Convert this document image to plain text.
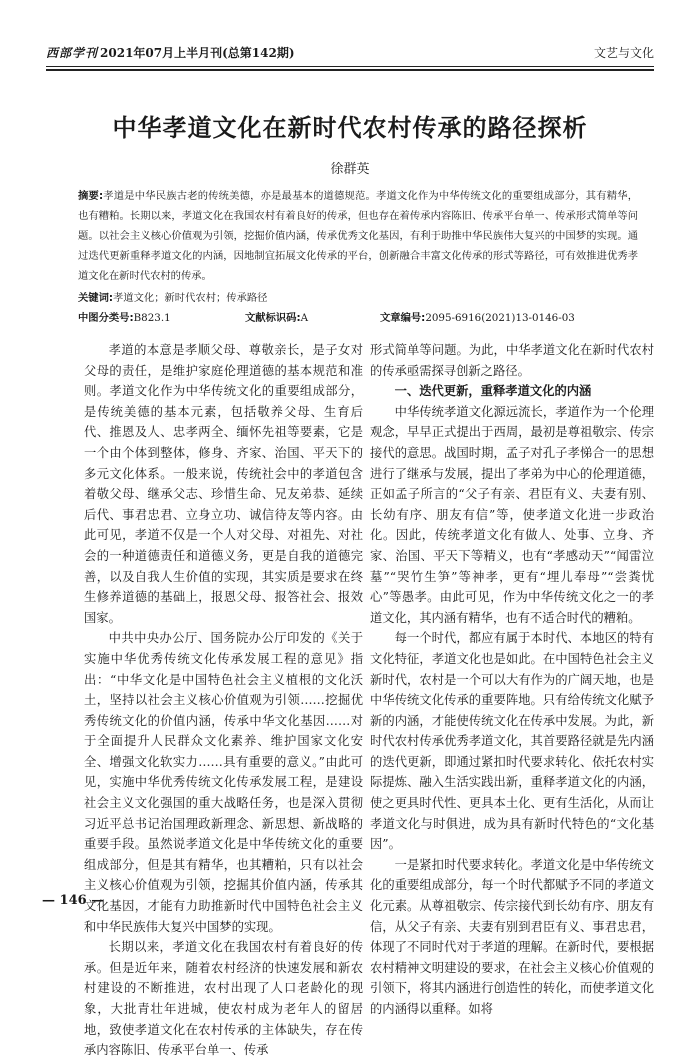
西部学刊 2021年07月上半月刊(总第142期)	文艺与文化
中华孝道文化在新时代农村传承的路径探析
徐群英
摘要:孝道是中华民族古老的传统美德，亦是最基本的道德规范。孝道文化作为中华传统文化的重要组成部分，其有精华，也有糟粕。长期以来，孝道文化在我国农村有着良好的传承，但也存在着传承内容陈旧、传承平台单一、传承形式简单等问题。以社会主义核心价值观为引领，挖掘价值内涵，传承优秀文化基因，有利于助推中华民族伟大复兴的中国梦的实现。通过迭代更新重释孝道文化的内涵，因地制宜拓展文化传承的平台，创新融合丰富文化传承的形式等路径，可有效推进优秀孝道文化在新时代农村的传承。
关键词:孝道文化；新时代农村；传承路径
中图分类号:B823.1	文献标识码:A	文章编号:2095-6916(2021)13-0146-03

孝道的本意是孝顺父母、尊敬亲长，是子女对父母的责任，是维护家庭伦理道德的基本规范和准则。孝道文化作为中华传统文化的重要组成部分，是传统美德的基本元素，包括敬养父母、生育后代、推恩及人、忠孝两全、缅怀先祖等要素，它是一个由个体到整体，修身、齐家、治国、平天下的多元文化体系。一般来说，传统社会中的孝道包含着敬父母、继承父志、珍惜生命、兄友弟恭、延续后代、事君忠君、立身立功、诚信待友等内容。由此可见，孝道不仅是一个人对父母、对祖先、对社会的一种道德责任和道德义务，更是自我的道德完善，以及自我人生价值的实现，其实质是要求在终生修养道德的基础上，报恩父母、报答社会、报效国家。

中共中央办公厅、国务院办公厅印发的《关于实施中华优秀传统文化传承发展工程的意见》指出：“中华文化是中国特色社会主义植根的文化沃土，坚持以社会主义核心价值观为引领……挖掘优秀传统文化的价值内涵，传承中华文化基因……对于全面提升人民群众文化素养、维护国家文化安全、增强文化软实力……具有重要的意义。”由此可见，实施中华优秀传统文化传承发展工程，是建设社会主义文化强国的重大战略任务，也是深入贯彻习近平总书记治国理政新理念、新思想、新战略的重要手段。虽然说孝道文化是中华传统文化的重要组成部分，但是其有精华，也其糟粕，只有以社会主义核心价值观为引领，挖掘其价值内涵，传承其文化基因，才能有力助推新时代中国特色社会主义和中华民族伟大复兴中国梦的实现。

长期以来，孝道文化在我国农村有着良好的传承。但是近年来，随着农村经济的快速发展和新农村建设的不断推进，农村出现了人口老龄化的现象，大批青壮年进城，使农村成为老年人的留居地，致使孝道文化在农村传承的主体缺失，存在传承内容陈旧、传承平台单一、传承

形式简单等问题。为此，中华孝道文化在新时代农村的传承亟需探寻创新之路径。

一、迭代更新，重释孝道文化的内涵

中华传统孝道文化源远流长，孝道作为一个伦理观念，早早正式提出于西周，最初是尊祖敬宗、传宗接代的意思。战国时期，孟子对孔子孝悌合一的思想进行了继承与发展，提出了孝弟为中心的伦理道德，正如孟子所言的“父子有亲、君臣有义、夫妻有别、长幼有序、朋友有信”等，使孝道文化进一步政治化。因此，传统孝道文化有做人、处事、立身、齐家、治国、平天下等精义，也有“孝感动天”“闻雷泣墓”“哭竹生笋”等神孝，更有“埋儿奉母”“尝粪忧心”等愚孝。由此可见，作为中华传统文化之一的孝道文化，其内涵有精华，也有不适合时代的糟粕。

每一个时代，都应有属于本时代、本地区的特有文化特征，孝道文化也是如此。在中国特色社会主义新时代，农村是一个可以大有作为的广阔天地，也是中华传统文化传承的重要阵地。只有给传统文化赋予新的内涵，才能使传统文化在传承中发展。为此，新时代农村传承优秀孝道文化，其首要路径就是先内涵的迭代更新，即通过紧扣时代要求转化、依托农村实际提炼、融入生活实践出新，重释孝道文化的内涵，使之更具时代性、更具本土化、更有生活化，从而让孝道文化与时俱进，成为具有新时代特色的“文化基因”。

一是紧扣时代要求转化。孝道文化是中华传统文化的重要组成部分，每一个时代都赋予不同的孝道文化元素。从尊祖敬宗、传宗接代到长幼有序、朋友有信，从父子有亲、夫妻有别到君臣有义、事君忠君，体现了不同时代对于孝道的理解。在新时代，要根据农村精神文明建设的要求，在社会主义核心价值观的引领下，将其内涵进行创造性的转化，而使孝道文化的内涵得以重释。如将

— 146 —
